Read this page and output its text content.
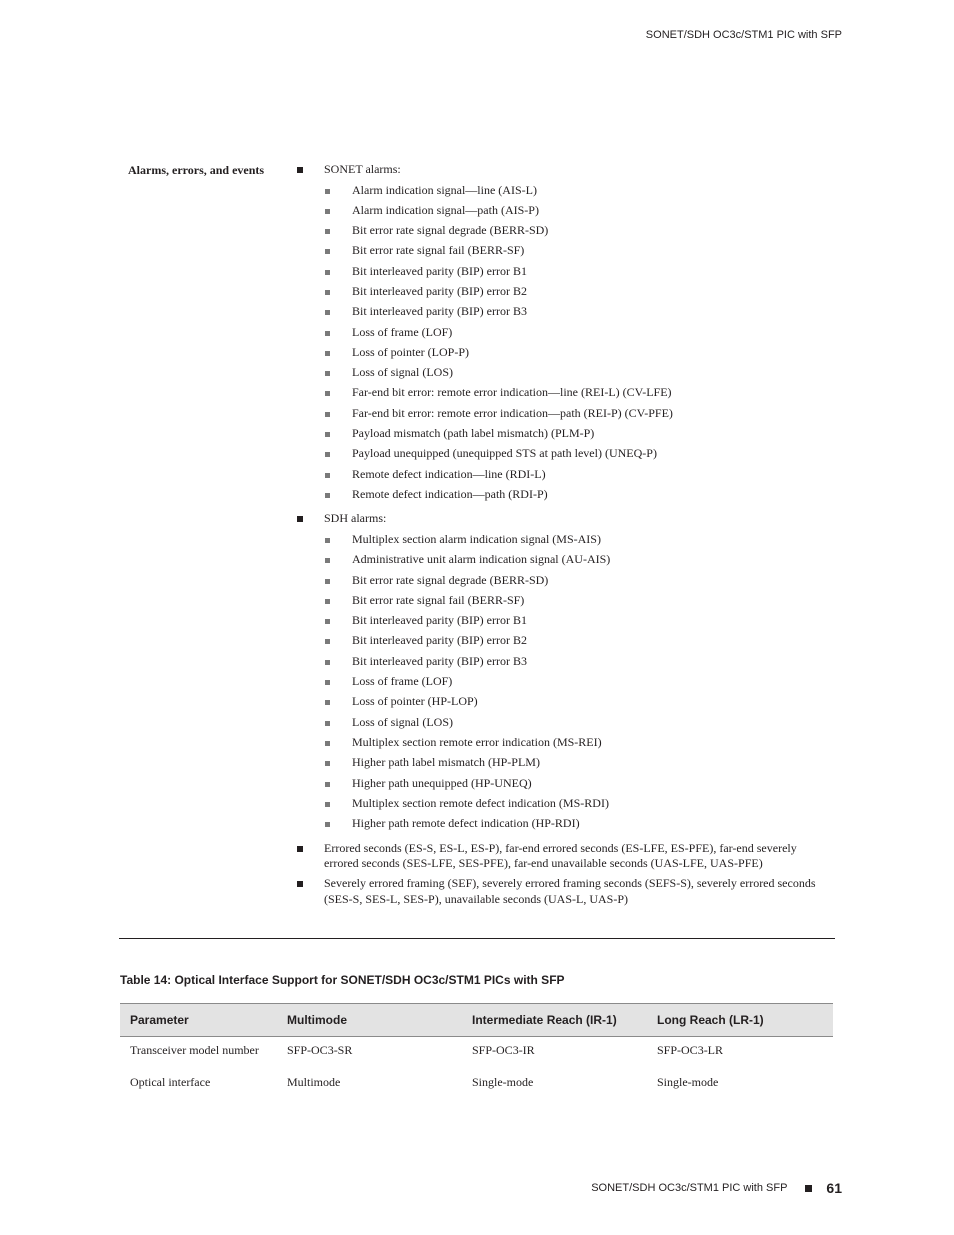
SONET/SDH OC3c/STM1 PIC with SFP
Alarms, errors, and events	SONET alarms:
Alarm indication signal—line (AIS-L)
Alarm indication signal—path (AIS-P)
Bit error rate signal degrade (BERR-SD)
Bit error rate signal fail (BERR-SF)
Bit interleaved parity (BIP) error B1
Bit interleaved parity (BIP) error B2
Bit interleaved parity (BIP) error B3
Loss of frame (LOF)
Loss of pointer (LOP-P)
Loss of signal (LOS)
Far-end bit error: remote error indication—line (REI-L) (CV-LFE)
Far-end bit error: remote error indication—path (REI-P) (CV-PFE)
Payload mismatch (path label mismatch) (PLM-P)
Payload unequipped (unequipped STS at path level) (UNEQ-P)
Remote defect indication—line (RDI-L)
Remote defect indication—path (RDI-P)
SDH alarms:
Multiplex section alarm indication signal (MS-AIS)
Administrative unit alarm indication signal (AU-AIS)
Bit error rate signal degrade (BERR-SD)
Bit error rate signal fail (BERR-SF)
Bit interleaved parity (BIP) error B1
Bit interleaved parity (BIP) error B2
Bit interleaved parity (BIP) error B3
Loss of frame (LOF)
Loss of pointer (HP-LOP)
Loss of signal (LOS)
Multiplex section remote error indication (MS-REI)
Higher path label mismatch (HP-PLM)
Higher path unequipped (HP-UNEQ)
Multiplex section remote defect indication (MS-RDI)
Higher path remote defect indication (HP-RDI)
Errored seconds (ES-S, ES-L, ES-P), far-end errored seconds (ES-LFE, ES-PFE), far-end severely errored seconds (SES-LFE, SES-PFE), far-end unavailable seconds (UAS-LFE, UAS-PFE)
Severely errored framing (SEF), severely errored framing seconds (SEFS-S), severely errored seconds (SES-S, SES-L, SES-P), unavailable seconds (UAS-L, UAS-P)
Table 14: Optical Interface Support for SONET/SDH OC3c/STM1 PICs with SFP
Parameter	Multimode	Intermediate Reach (IR-1)	Long Reach (LR-1)
Transceiver model number	SFP-OC3-SR	SFP-OC3-IR	SFP-OC3-LR
Optical interface	Multimode	Single-mode	Single-mode
SONET/SDH OC3c/STM1 PIC with SFP	61
